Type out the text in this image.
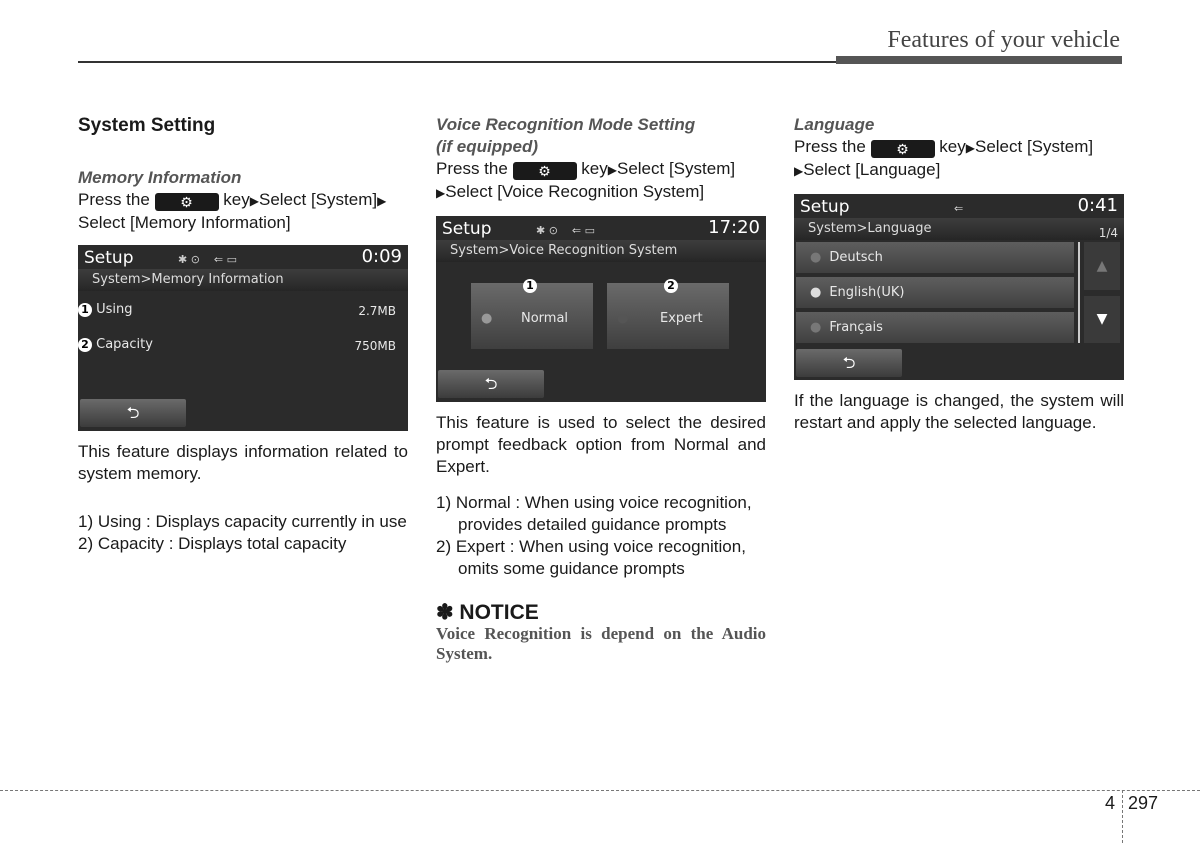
Features of your vehicle
System Setting
Memory Information

Press the ⚙ key▶Select [System]▶
Select [Memory Information]

Setup	✱ ⊙    ⇐ ▭	0:09
System>Memory Information
1 Using	2.7MB
2 Capacity	750MB
⮌

This feature displays information related to system memory.

1) Using : Displays capacity currently in use
2) Capacity : Displays total capacity
Voice Recognition Mode Setting
(if equipped)

Press the ⚙ key▶Select [System]
▶Select [Voice Recognition System]

Setup	✱ ⊙    ⇐ ▭	17:20
System>Voice Recognition System
1
● Normal
2
● Expert
⮌

This feature is used to select the desired prompt feedback option from Normal and Expert.

1) Normal : When using voice recognition, provides detailed guidance prompts
2) Expert : When using voice recognition, omits some guidance prompts
✽ NOTICE
Voice Recognition is depend on the Audio System.
Language

Press the ⚙ key▶Select [System]
▶Select [Language]

Setup	⇐	0:41
System>Language	1/4
● Deutsch
● English(UK)
● Français
▲
▼
⮌

If the language is changed, the system will restart and apply the selected language.

4 297
